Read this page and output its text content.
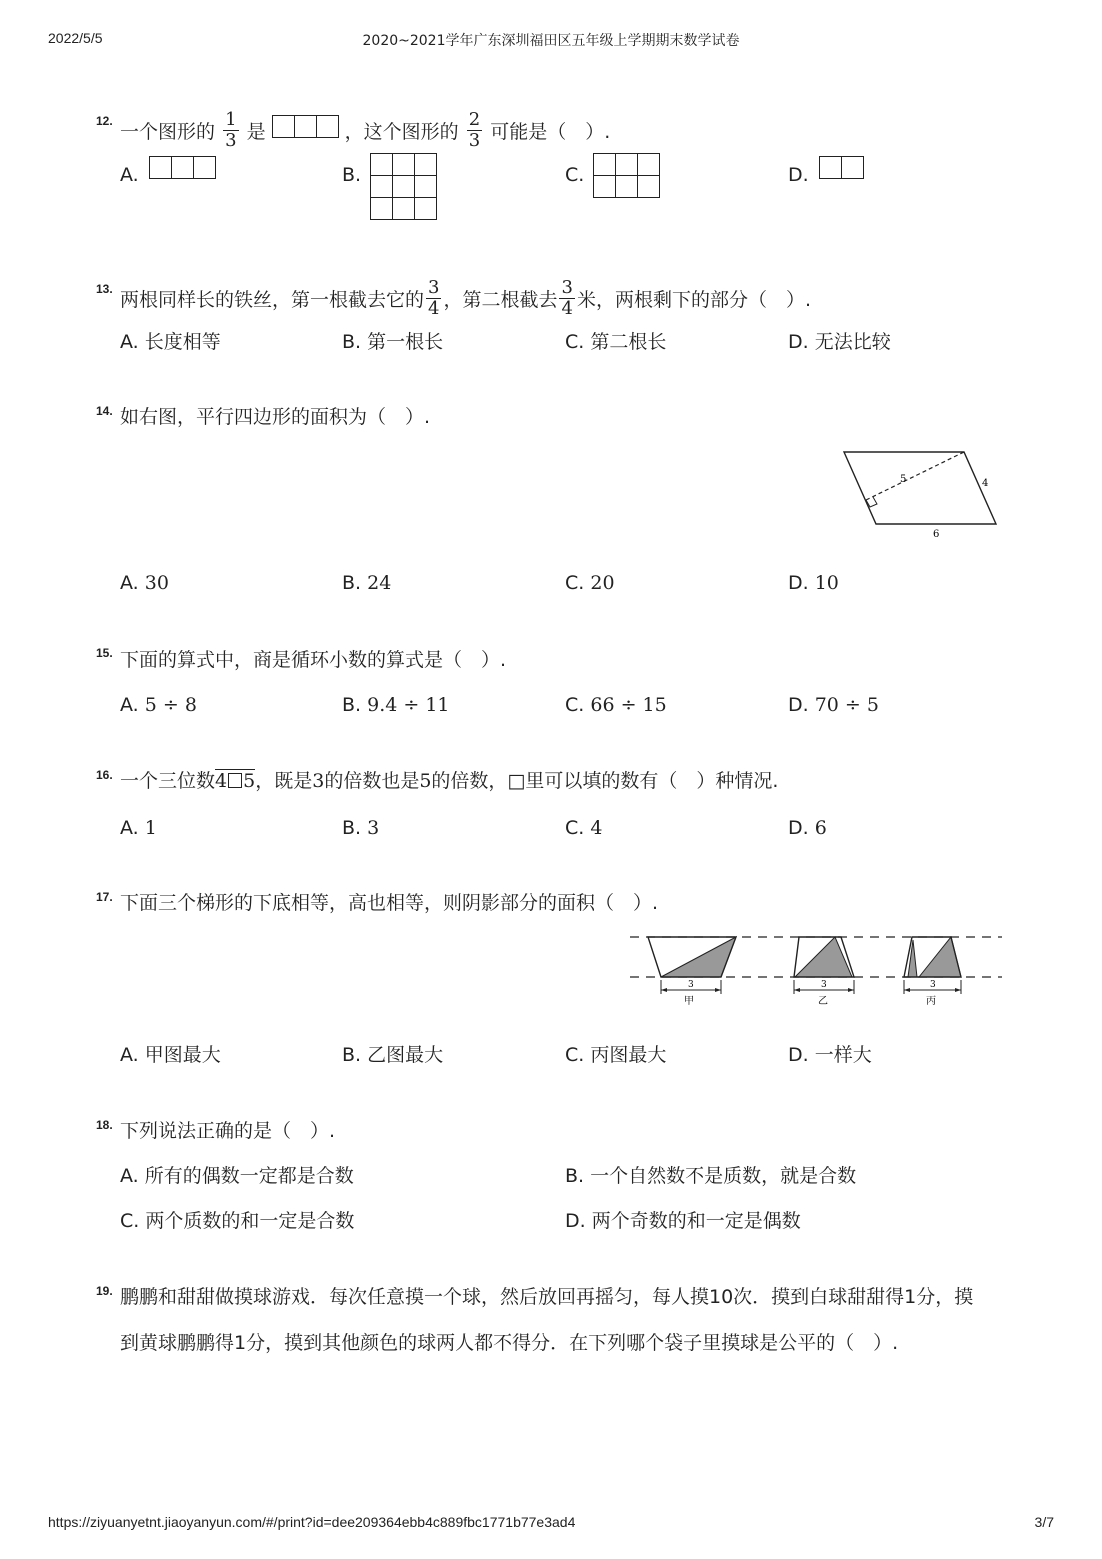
2022/5/5	2020~2021学年广东深圳福田区五年级上学期期末数学试卷
12. 一个图形的 $\frac{1}{3}$ 是	，这个图形的 $\frac{2}{3}$ 可能是（　）.
A.	B.	C.	D.
13. 两根同样长的铁丝，第一根截去它的 $\frac{3}{4}$ ，第二根截去 $\frac{3}{4}$ 米，两根剩下的部分（　）.
A. 长度相等	B. 第一根长	C. 第二根长	D. 无法比较
14. 如右图，平行四边形的面积为（　）.
5	4
6
A. 30	B. 24	C. 20	D. 10
15. 下面的算式中，商是循环小数的算式是（　）.
A. 5 ÷ 8	B. 9.4 ÷ 11	C. 66 ÷ 15	D. 70 ÷ 5
16. 一个三位数4 5，既是3的倍数也是5的倍数，□里可以填的数有（　）种情况.
A. 1	B. 3	C. 4	D. 6
17. 下面三个梯形的下底相等，高也相等，则阴影部分的面积（　）.
3
甲
3
乙
3
丙
A. 甲图最大	B. 乙图最大	C. 丙图最大	D. 一样大
18. 下列说法正确的是（　）.
A. 所有的偶数一定都是合数	B. 一个自然数不是质数，就是合数
C. 两个质数的和一定是合数	D. 两个奇数的和一定是偶数
19. 鹏鹏和甜甜做摸球游戏．每次任意摸一个球，然后放回再摇匀，每人摸10次．摸到白球甜甜得1分，摸
到黄球鹏鹏得1分，摸到其他颜色的球两人都不得分．在下列哪个袋子里摸球是公平的（　）.
https://ziyuanyetnt.jiaoyanyun.com/#/print?id=dee209364ebb4c889fbc1771b77e3ad4	3/7
